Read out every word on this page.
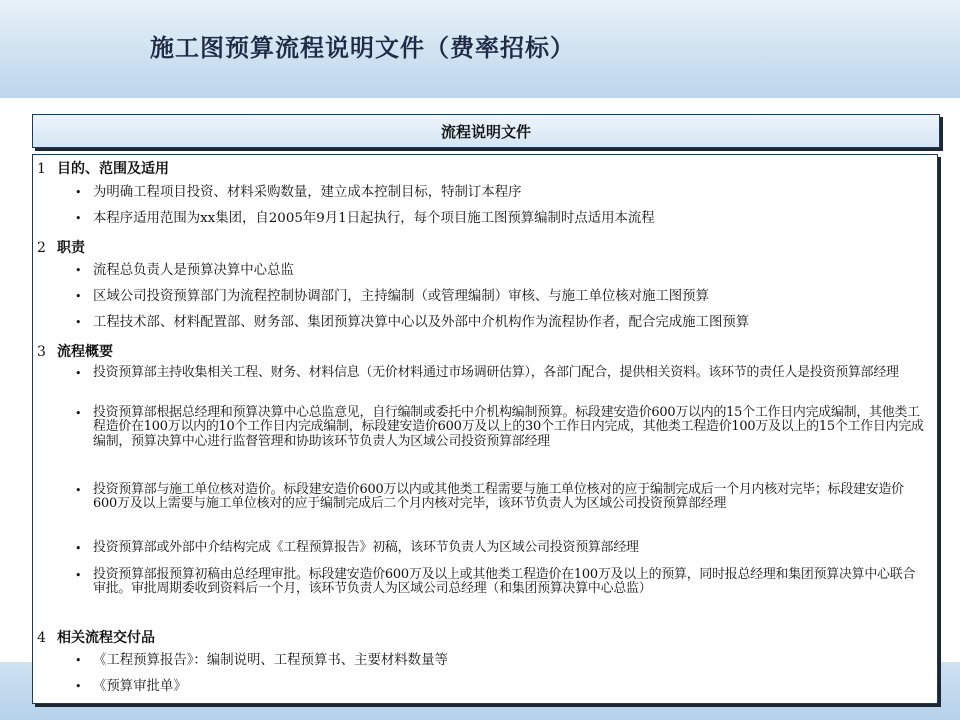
施工图预算流程说明文件（费率招标）
流程说明文件
1 目的、范围及适用
• 为明确工程项目投资、材料采购数量，建立成本控制目标，特制订本程序
• 本程序适用范围为xx集团，自2005年9月1日起执行，每个项目施工图预算编制时点适用本流程
2 职责
• 流程总负责人是预算决算中心总监
• 区域公司投资预算部门为流程控制协调部门，主持编制（或管理编制）审核、与施工单位核对施工图预算
• 工程技术部、材料配置部、财务部、集团预算决算中心以及外部中介机构作为流程协作者，配合完成施工图预算
3 流程概要
• 投资预算部主持收集相关工程、财务、材料信息（无价材料通过市场调研估算），各部门配合，提供相关资料。该环节的责任人是投资预算部经理
• 投资预算部根据总经理和预算决算中心总监意见，自行编制或委托中介机构编制预算。标段建安造价600万以内的15个工作日内完成编制，其他类工程造价在100万以内的10个工作日内完成编制，标段建安造价600万及以上的30个工作日内完成，其他类工程造价100万及以上的15个工作日内完成编制，预算决算中心进行监督管理和协助该环节负责人为区域公司投资预算部经理
• 投资预算部与施工单位核对造价。标段建安造价600万以内或其他类工程需要与施工单位核对的应于编制完成后一个月内核对完毕；标段建安造价600万及以上需要与施工单位核对的应于编制完成后二个月内核对完毕，该环节负责人为区域公司投资预算部经理
• 投资预算部或外部中介结构完成《工程预算报告》初稿，该环节负责人为区域公司投资预算部经理
• 投资预算部报预算初稿由总经理审批。标段建安造价600万及以上或其他类工程造价在100万及以上的预算，同时报总经理和集团预算决算中心联合审批。审批周期委收到资料后一个月，该环节负责人为区域公司总经理（和集团预算决算中心总监）
4 相关流程交付品
• 《工程预算报告》：编制说明、工程预算书、主要材料数量等
• 《预算审批单》
